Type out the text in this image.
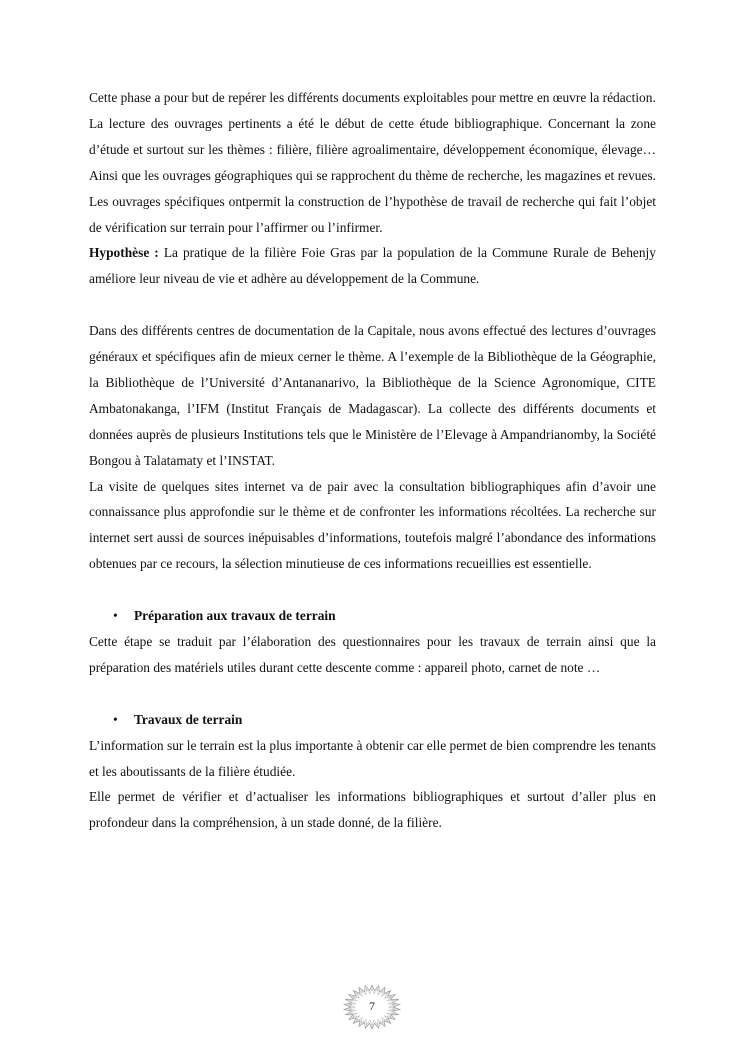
Cette phase a pour but de repérer les différents documents exploitables pour mettre en œuvre la rédaction.

La lecture des ouvrages pertinents a été le début de cette étude bibliographique. Concernant la zone d’étude et surtout sur les thèmes : filière, filière agroalimentaire, développement économique, élevage…Ainsi que les ouvrages géographiques qui se rapprochent du thème de recherche, les magazines et revues. Les ouvrages spécifiques ontpermit la construction de l’hypothèse de travail de recherche qui fait l’objet de vérification sur terrain pour l’affirmer ou l’infirmer.

Hypothèse : La pratique de la filière Foie Gras par la population de la Commune Rurale de Behenjy améliore leur niveau de vie et adhère au développement de la Commune.

Dans des différents centres de documentation de la Capitale, nous avons effectué des lectures d’ouvrages généraux et spécifiques afin de mieux cerner le thème. A l’exemple de la Bibliothèque de la Géographie, la Bibliothèque de l’Université d’Antananarivo, la Bibliothèque de la Science Agronomique, CITE Ambatonakanga, l’IFM (Institut Français de Madagascar). La collecte des différents documents et données auprès de plusieurs Institutions tels que le Ministère de l’Elevage à Ampandrianomby, la Société Bongou à Talatamaty et l’INSTAT.

La visite de quelques sites internet va de pair avec la consultation bibliographiques afin d’avoir une connaissance plus approfondie sur le thème et de confronter les informations récoltées. La recherche sur internet sert aussi de sources inépuisables d’informations, toutefois malgré l’abondance des informations obtenues par ce recours, la sélection minutieuse de ces informations recueillies est essentielle.

• Préparation aux travaux de terrain

Cette étape se traduit par l’élaboration des questionnaires pour les travaux de terrain ainsi que la préparation des matériels utiles durant cette descente comme : appareil photo, carnet de note …

• Travaux de terrain

L’information sur le terrain est la plus importante à obtenir car elle permet de bien comprendre les tenants et les aboutissants de la filière étudiée.

Elle permet de vérifier et d’actualiser les informations bibliographiques et surtout d’aller plus en profondeur dans la compréhension, à un stade donné, de la filière.

7
